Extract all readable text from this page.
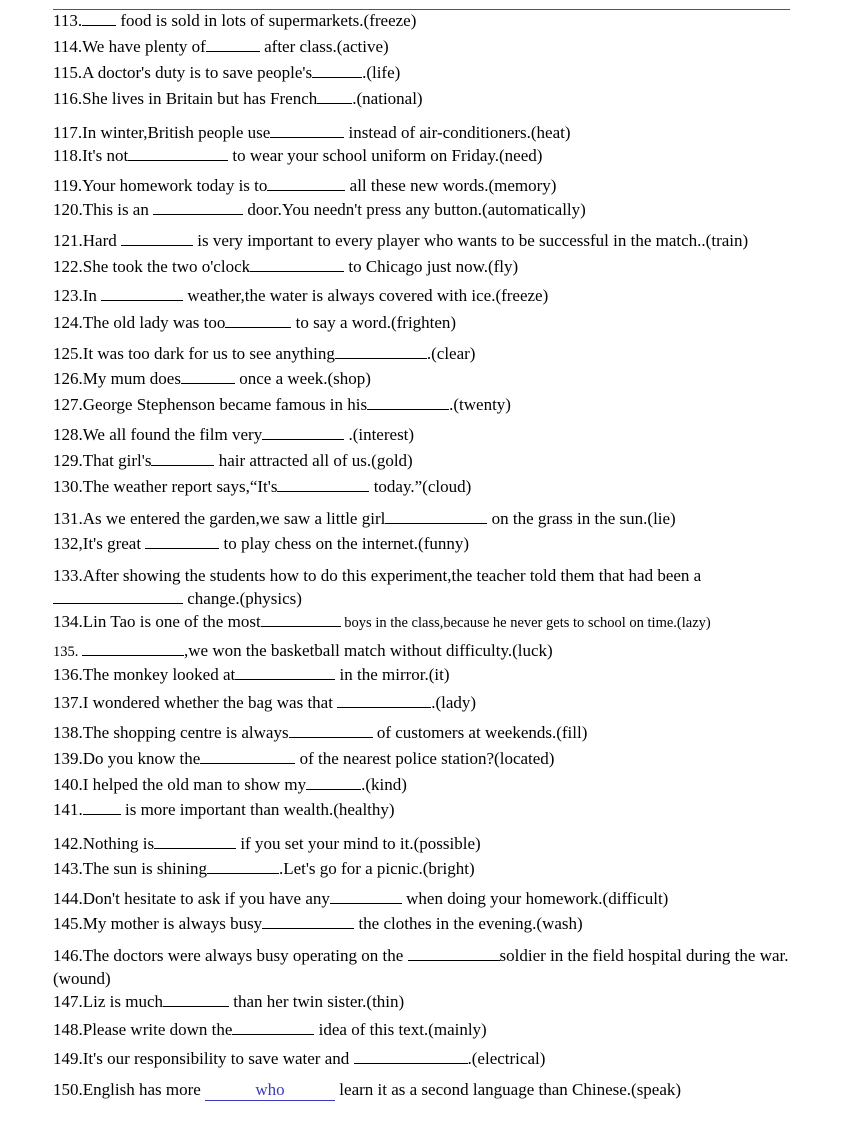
113. food is sold in lots of supermarkets.(freeze)
114.We have plenty of	after class.(active)
115.A doctor's duty is to save people's	.(life)
116.She lives in Britain but has French .(national)
117.In winter,British people use	instead of air-conditioners.(heat)
118.It's not	to wear your school uniform on Friday.(need)
119.Your homework today is to	all these new words.(memory)
120.This is an	door.You needn't press any button.(automatically)
121.Hard	is very important to every player who wants to be successful in the match..(train)
122.She took the two o'clock	to Chicago just now.(fly)
123.In	weather,the water is always covered with ice.(freeze)
124.The old lady was too	to say a word.(frighten)
125.It was too dark for us to see anything	.(clear)
126.My mum does	once a week.(shop)
127.George Stephenson became famous in his	.(twenty)
128.We all found the film very	.(interest)
129.That girl's	hair attracted all of us.(gold)
130.The weather report says,“It's	today.”(cloud)
131.As we entered the garden,we saw a little girl	on the grass in the sun.(lie)
132,It's great	to play chess on the internet.(funny)
133.After showing the students how to do this experiment,the teacher told them that had been a
change.(physics)
134.Lin Tao is one of the most	boys in the class,because he never gets to school on time.(lazy)
135.	,we won the basketball match without difficulty.(luck)
136.The monkey looked at	in the mirror.(it)
137.I wondered whether the bag was that	.(lady)
138.The shopping centre is always	of customers at weekends.(fill)
139.Do you know the	of the nearest police station?(located)
140.I helped the old man to show my	.(kind)
141. is more important than wealth.(healthy)
142.Nothing is	if you set your mind to it.(possible)
143.The sun is shining	.Let's go for a picnic.(bright)
144.Don't hesitate to ask if you have any	when doing your homework.(difficult)
145.My mother is always busy	the clothes in the evening.(wash)
146.The doctors were always busy operating on the	soldier in the field hospital during the war.(wound)
147.Liz is much	than her twin sister.(thin)
148.Please write down the	idea of this text.(mainly)
149.It's our responsibility to save water and	.(electrical)
150.English has more	who	learn it as a second language than Chinese.(speak)
